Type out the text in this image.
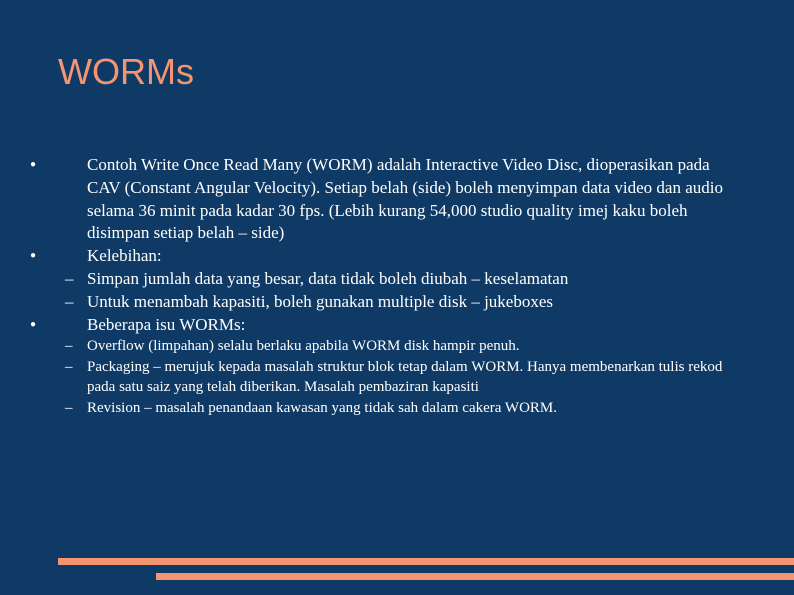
WORMs
●	Contoh Write Once Read Many (WORM) adalah Interactive Video Disc, dioperasikan pada CAV (Constant Angular Velocity). Setiap belah (side) boleh menyimpan data video dan audio selama 36 minit pada kadar 30 fps. (Lebih kurang 54,000 studio quality imej kaku boleh disimpan setiap belah – side)
●	Kelebihan:
– Simpan jumlah data yang besar, data tidak boleh diubah – keselamatan
– Untuk menambah kapasiti, boleh gunakan multiple disk – jukeboxes
●	Beberapa isu WORMs:
– Overflow (limpahan) selalu berlaku apabila WORM disk hampir penuh.
– Packaging – merujuk kepada masalah struktur blok tetap dalam WORM. Hanya membenarkan tulis rekod pada satu saiz yang telah diberikan. Masalah pembaziran kapasiti
– Revision – masalah penandaan kawasan yang tidak sah dalam cakera WORM.
